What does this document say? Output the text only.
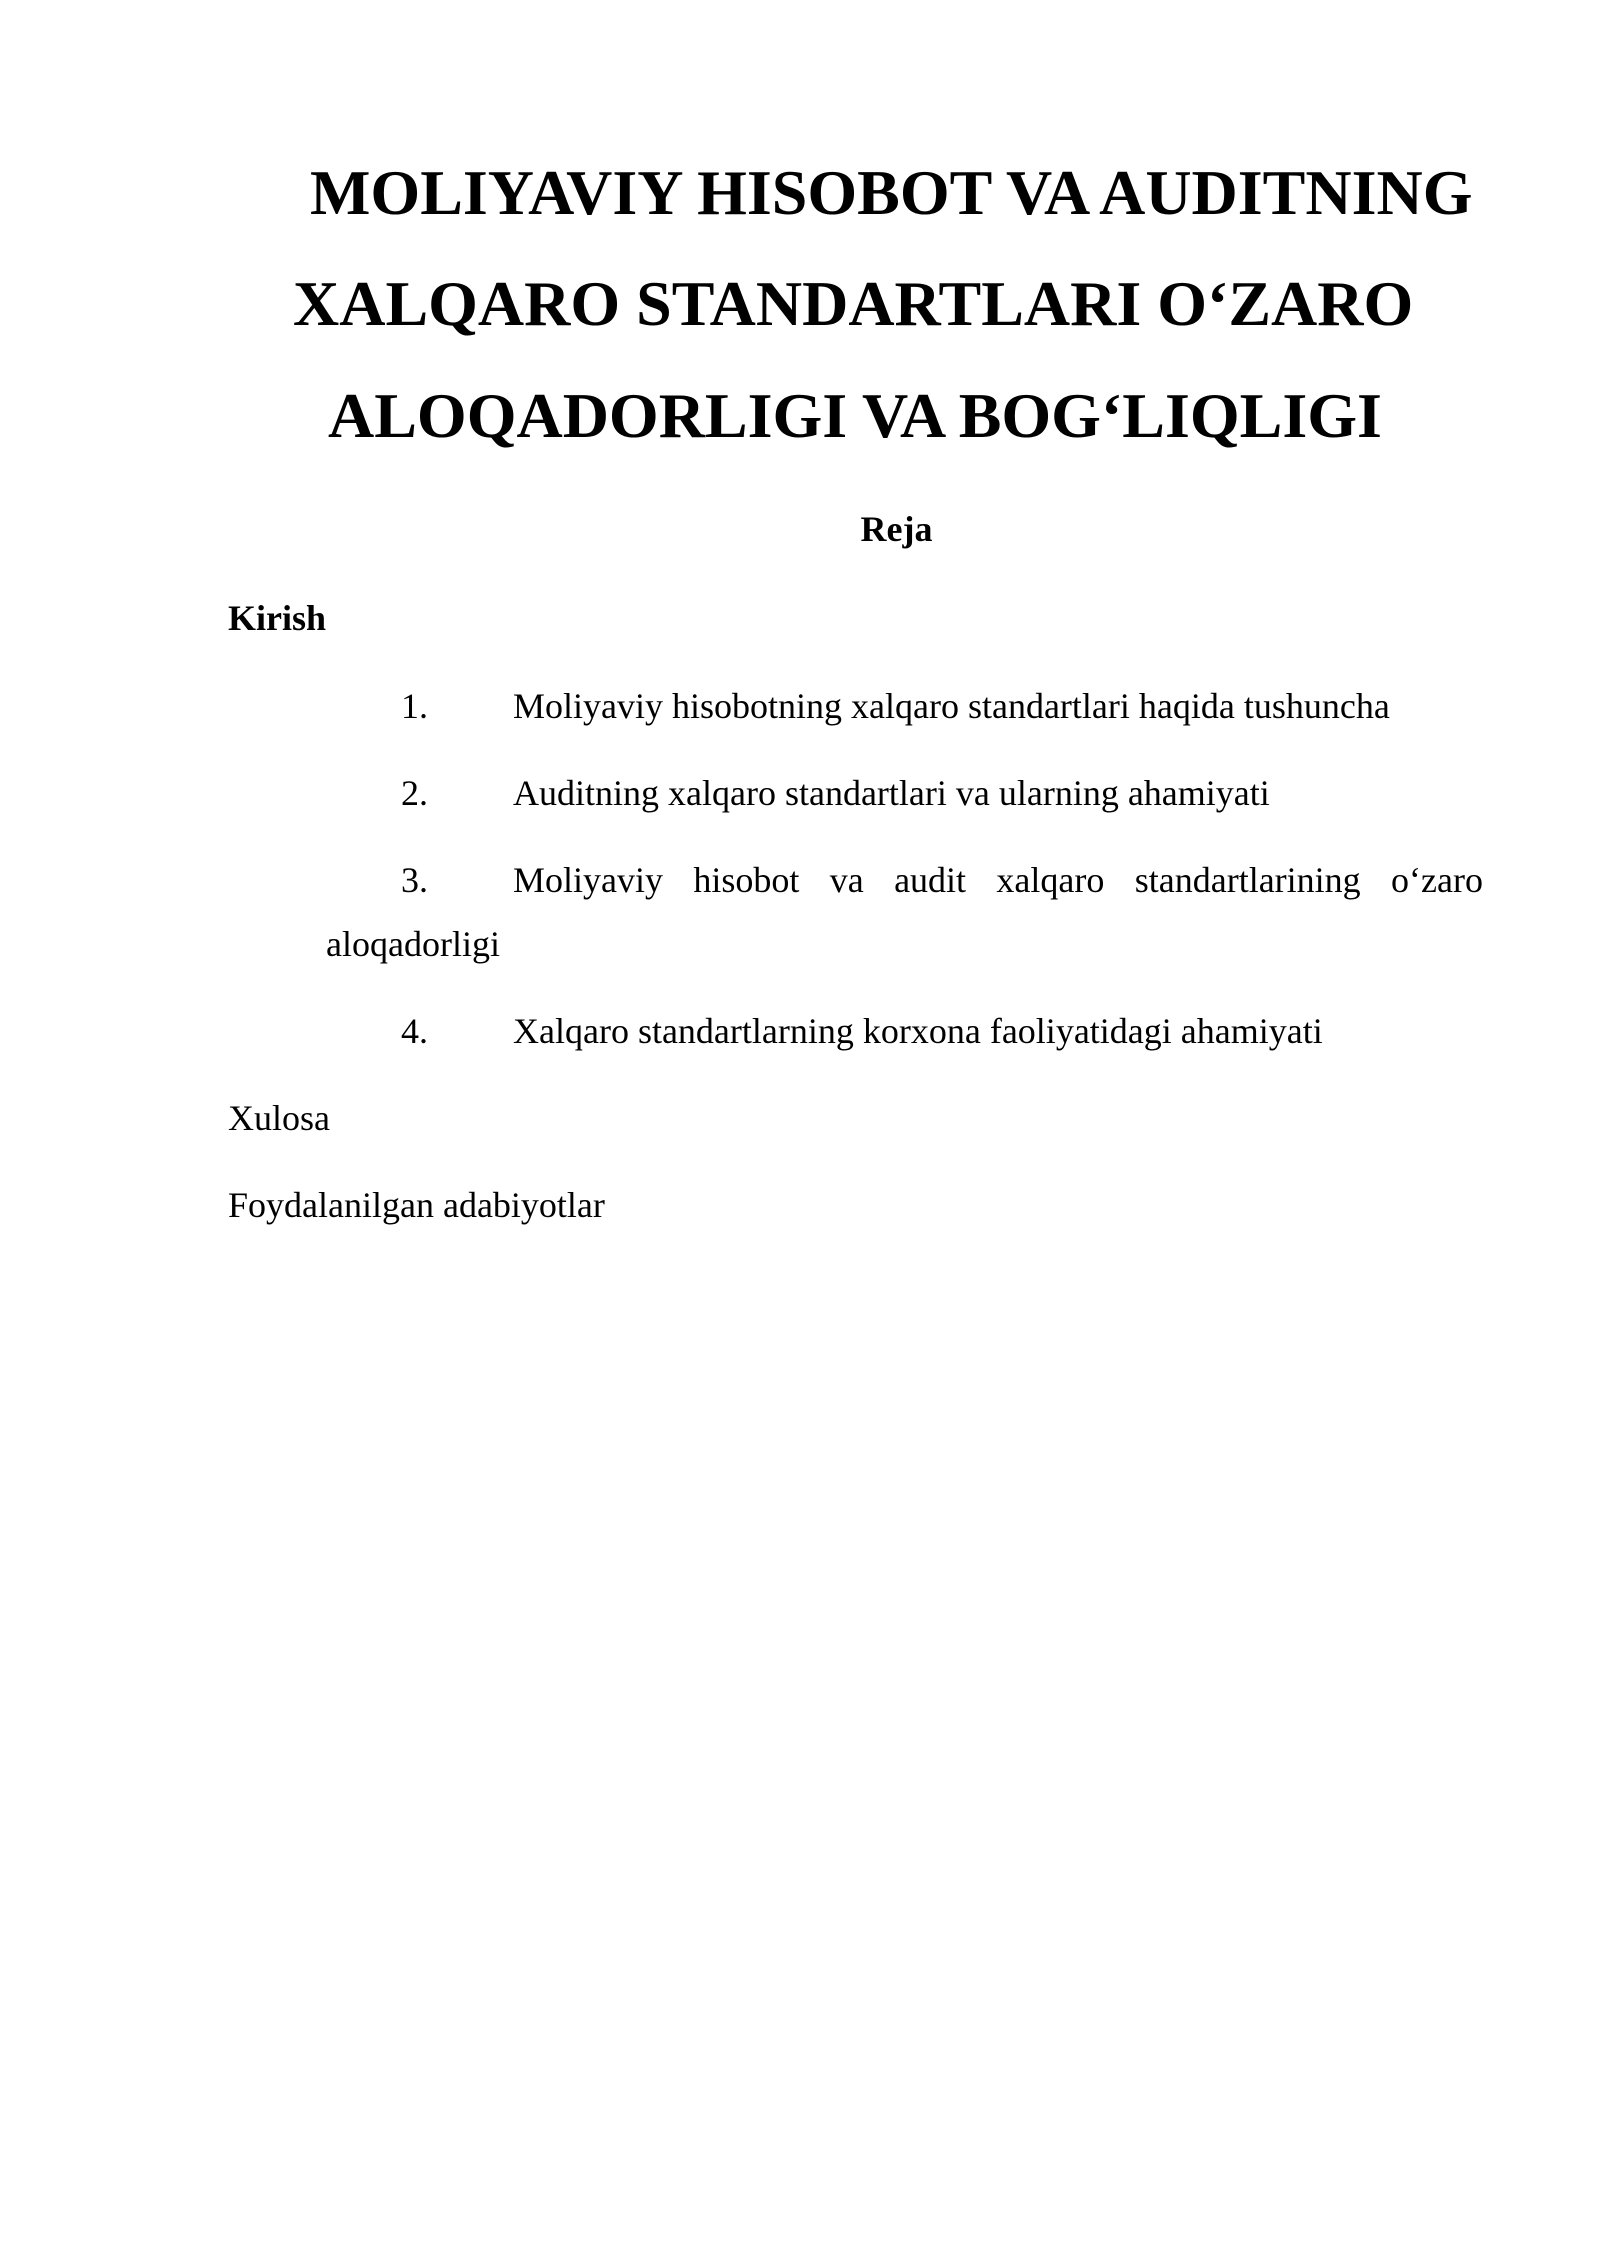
MOLIYAVIY HISOBOT VA AUDITNING
XALQARO STANDARTLARI O‘ZARO
ALOQADORLIGI VA BOG‘LIQLIGI
Reja
Kirish
1. Moliyaviy hisobotning xalqaro standartlari haqida tushuncha
2. Auditning xalqaro standartlari va ularning ahamiyati
3. Moliyaviy hisobot va audit xalqaro standartlarining o‘zaro
aloqadorligi
4. Xalqaro standartlarning korxona faoliyatidagi ahamiyati
Xulosa
Foydalanilgan adabiyotlar
